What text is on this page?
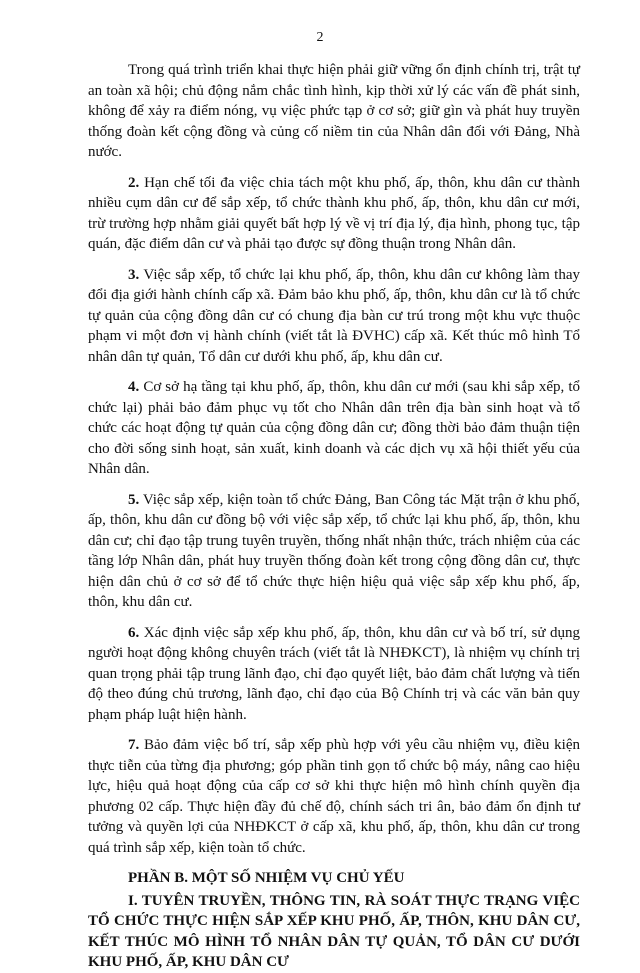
2

Trong quá trình triển khai thực hiện phải giữ vững ổn định chính trị, trật tự an toàn xã hội; chủ động nắm chắc tình hình, kịp thời xử lý các vấn đề phát sinh, không để xảy ra điểm nóng, vụ việc phức tạp ở cơ sở; giữ gìn và phát huy truyền thống đoàn kết cộng đồng và củng cố niềm tin của Nhân dân đối với Đảng, Nhà nước.

2. Hạn chế tối đa việc chia tách một khu phố, ấp, thôn, khu dân cư thành nhiều cụm dân cư để sắp xếp, tổ chức thành khu phố, ấp, thôn, khu dân cư mới, trừ trường hợp nhằm giải quyết bất hợp lý về vị trí địa lý, địa hình, phong tục, tập quán, đặc điểm dân cư và phải tạo được sự đồng thuận trong Nhân dân.

3. Việc sắp xếp, tổ chức lại khu phố, ấp, thôn, khu dân cư không làm thay đổi địa giới hành chính cấp xã. Đảm bảo khu phố, ấp, thôn, khu dân cư là tổ chức tự quản của cộng đồng dân cư có chung địa bàn cư trú trong một khu vực thuộc phạm vi một đơn vị hành chính (viết tắt là ĐVHC) cấp xã. Kết thúc mô hình Tổ nhân dân tự quản, Tổ dân cư dưới khu phố, ấp, khu dân cư.

4. Cơ sở hạ tầng tại khu phố, ấp, thôn, khu dân cư mới (sau khi sắp xếp, tổ chức lại) phải bảo đảm phục vụ tốt cho Nhân dân trên địa bàn sinh hoạt và tổ chức các hoạt động tự quản của cộng đồng dân cư; đồng thời bảo đảm thuận tiện cho đời sống sinh hoạt, sản xuất, kinh doanh và các dịch vụ xã hội thiết yếu của Nhân dân.

5. Việc sắp xếp, kiện toàn tổ chức Đảng, Ban Công tác Mặt trận ở khu phố, ấp, thôn, khu dân cư đồng bộ với việc sắp xếp, tổ chức lại khu phố, ấp, thôn, khu dân cư; chỉ đạo tập trung tuyên truyền, thống nhất nhận thức, trách nhiệm của các tầng lớp Nhân dân, phát huy truyền thống đoàn kết trong cộng đồng dân cư, thực hiện dân chủ ở cơ sở để tổ chức thực hiện hiệu quả việc sắp xếp khu phố, ấp, thôn, khu dân cư.

6. Xác định việc sắp xếp khu phố, ấp, thôn, khu dân cư và bố trí, sử dụng người hoạt động không chuyên trách (viết tắt là NHĐKCT), là nhiệm vụ chính trị quan trọng phải tập trung lãnh đạo, chỉ đạo quyết liệt, bảo đảm chất lượng và tiến độ theo đúng chủ trương, lãnh đạo, chỉ đạo của Bộ Chính trị và các văn bản quy phạm pháp luật hiện hành.

7. Bảo đảm việc bố trí, sắp xếp phù hợp với yêu cầu nhiệm vụ, điều kiện thực tiễn của từng địa phương; góp phần tinh gọn tổ chức bộ máy, nâng cao hiệu lực, hiệu quả hoạt động của cấp cơ sở khi thực hiện mô hình chính quyền địa phương 02 cấp. Thực hiện đầy đủ chế độ, chính sách tri ân, bảo đảm ổn định tư tưởng và quyền lợi của NHĐKCT ở cấp xã, khu phố, ấp, thôn, khu dân cư trong quá trình sắp xếp, kiện toàn tổ chức.

PHẦN B. MỘT SỐ NHIỆM VỤ CHỦ YẾU

I. TUYÊN TRUYỀN, THÔNG TIN, RÀ SOÁT THỰC TRẠNG VIỆC TỔ CHỨC THỰC HIỆN SẮP XẾP KHU PHỐ, ẤP, THÔN, KHU DÂN CƯ, KẾT THÚC MÔ HÌNH TỔ NHÂN DÂN TỰ QUẢN, TỔ DÂN CƯ DƯỚI KHU PHỐ, ẤP, KHU DÂN CƯ
